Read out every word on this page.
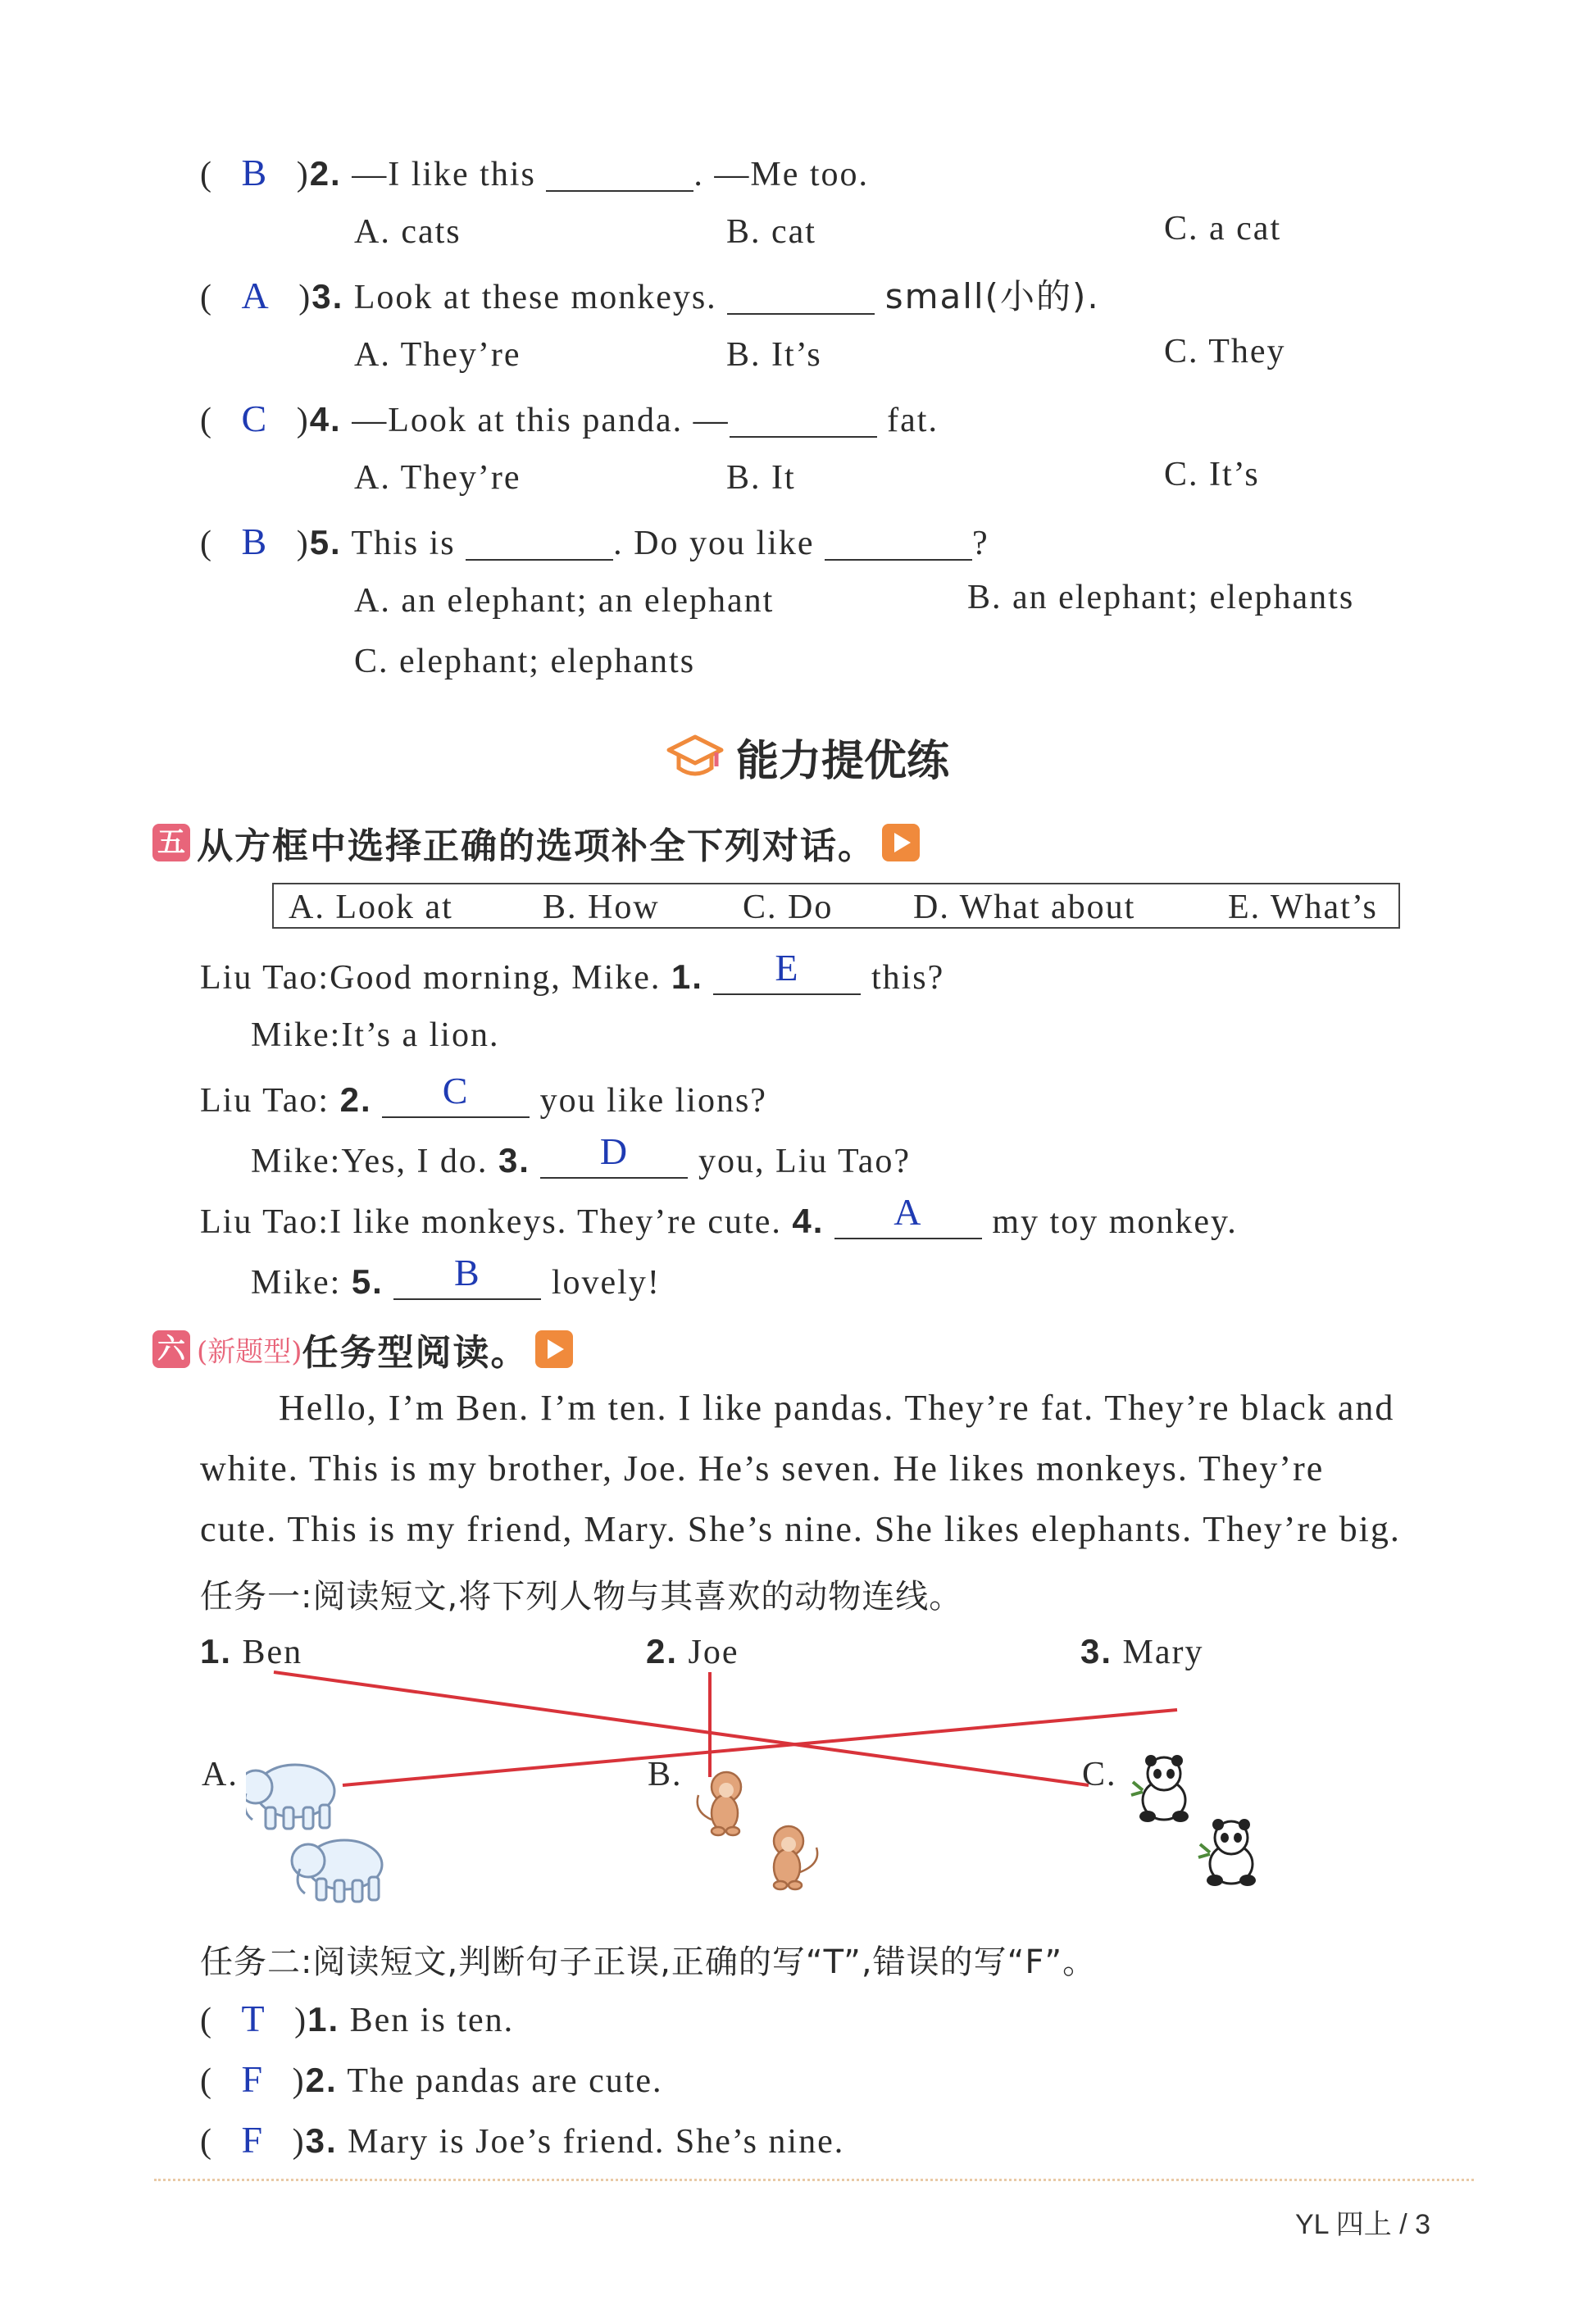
( B )2. —I like this	. —Me too.
A. cats	B. cat	C. a cat
( A )3. Look at these monkeys.	small(小的).
A. They’re	B. It’s	C. They
( C )4. —Look at this panda. —	fat.
A. They’re	B. It	C. It’s
( B )5. This is	. Do you like	?
A. an elephant; an elephant	B. an elephant; elephants
C. elephant; elephants
能力提优练
五 从方框中选择正确的选项补全下列对话。
A. Look at	B. How C. Do D. What about	E. What’s
Liu Tao:Good morning, Mike. 1.	E	this?
Mike:It’s a lion.
Liu Tao: 2.	C	you like lions?
Mike:Yes, I do. 3.	D	you, Liu Tao?
Liu Tao:I like monkeys. They’re cute. 4.	A	my toy monkey.
Mike: 5.	B	lovely!
六 (新题型)任务型阅读。
Hello, I’m Ben. I’m ten. I like pandas. They’re fat. They’re black and
white. This is my brother, Joe. He’s seven. He likes monkeys. They’re
cute. This is my friend, Mary. She’s nine. She likes elephants. They’re big.
任务一:阅读短文,将下列人物与其喜欢的动物连线。
1. Ben	2. Joe	3. Mary
A.	B.	C.
任务二:阅读短文,判断句子正误,正确的写“T”,错误的写“F”。
( T )1. Ben is ten.
( F )2. The pandas are cute.
( F )3. Mary is Joe’s friend. She’s nine.
YL 四上 / 3
